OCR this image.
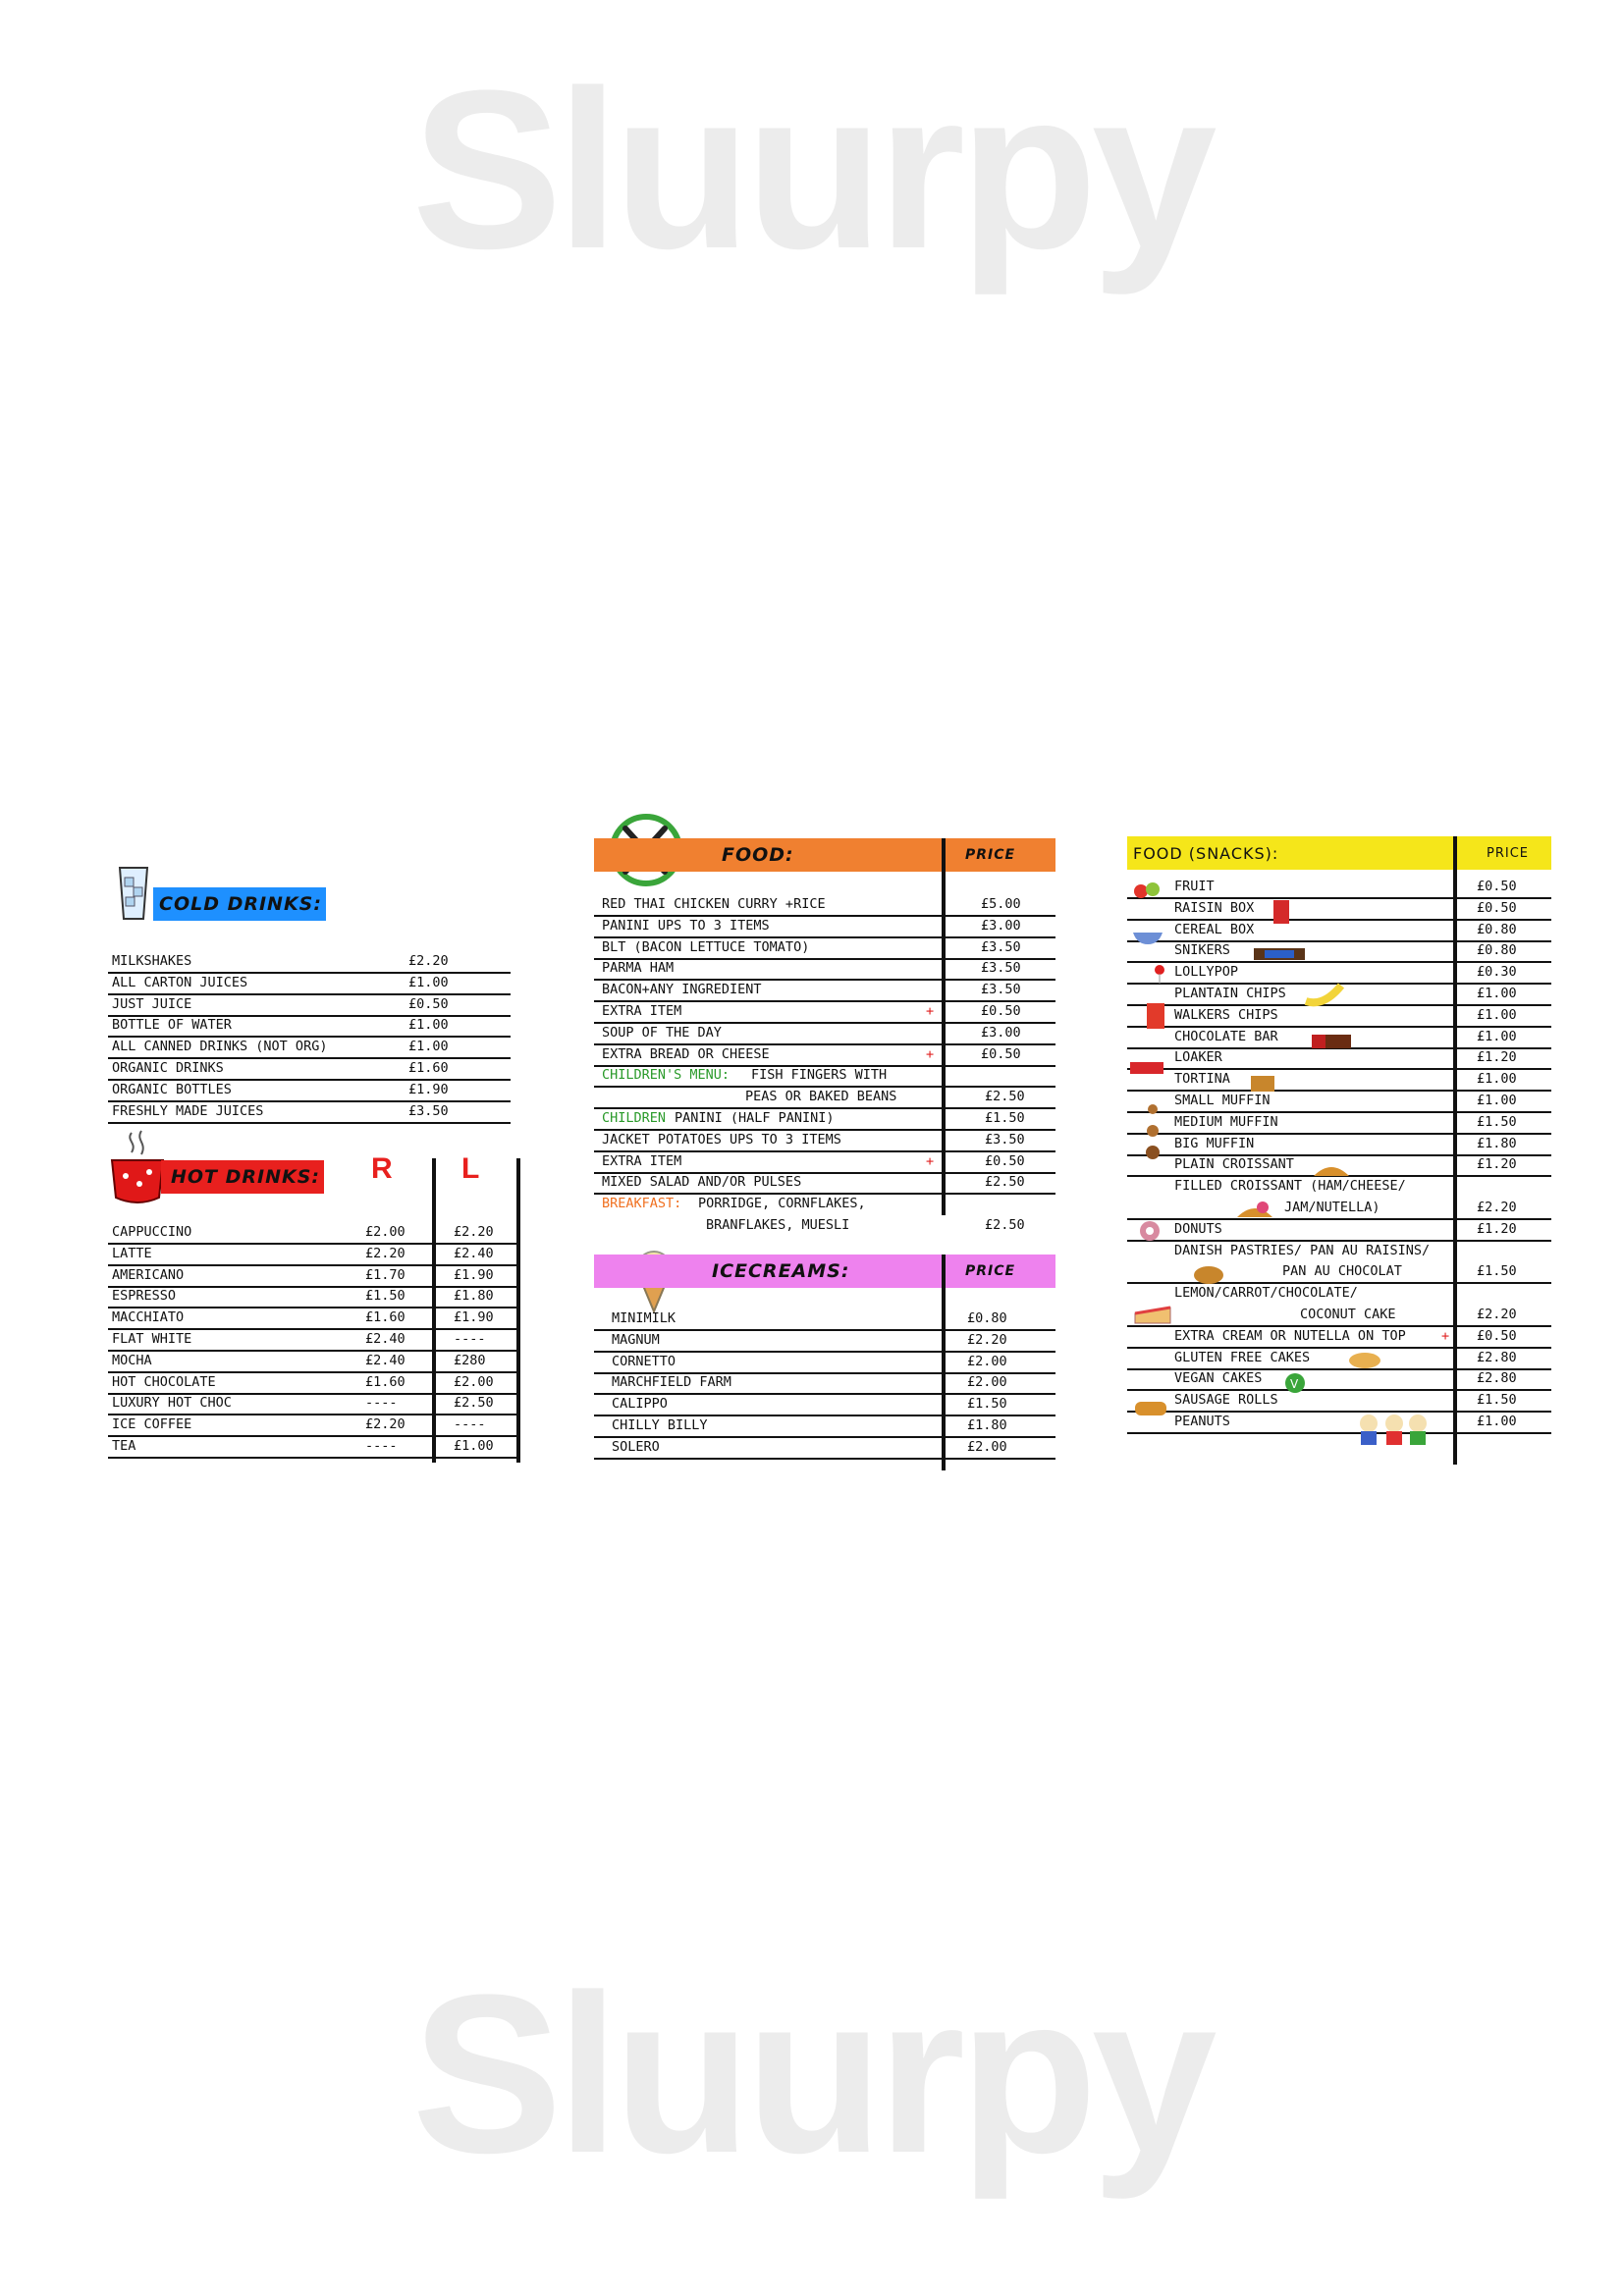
Sluurpy
Sluurpy
COLD DRINKS:
MILKSHAKES	£2.20
ALL CARTON JUICES	£1.00
JUST JUICE	£0.50
BOTTLE OF WATER	£1.00
ALL CANNED DRINKS (NOT ORG)	£1.00
ORGANIC DRINKS	£1.60
ORGANIC BOTTLES	£1.90
FRESHLY MADE JUICES	£3.50
HOT DRINKS: R L
CAPPUCCINO	£2.00	£2.20
LATTE	£2.20	£2.40
AMERICANO	£1.70	£1.90
ESPRESSO	£1.50	£1.80
MACCHIATO	£1.60	£1.90
FLAT WHITE	£2.40	----
MOCHA	£2.40	£280
HOT CHOCOLATE	£1.60	£2.00
LUXURY HOT CHOC	----	£2.50
ICE COFFEE	£2.20	----
TEA	----	£1.00
FOOD:	PRICE
RED THAI CHICKEN CURRY +RICE	£5.00
PANINI UPS TO 3 ITEMS	£3.00
BLT (BACON LETTUCE TOMATO)	£3.50
PARMA HAM	£3.50
BACON+ANY INGREDIENT	£3.50
EXTRA ITEM	£0.50
+
SOUP OF THE DAY	£3.00
EXTRA BREAD OR CHEESE	£0.50
+
CHILDREN'S MENU: FISH FINGERS WITH
PEAS OR BAKED BEANS	£2.50
CHILDREN PANINI (HALF PANINI)	£1.50
JACKET POTATOES UPS TO 3 ITEMS	£3.50
EXTRA ITEM	£0.50
+
MIXED SALAD AND/OR PULSES	£2.50
BREAKFAST: PORRIDGE, CORNFLAKES,
BRANFLAKES, MUESLI	£2.50
ICECREAMS:	PRICE
MINIMILK	£0.80
MAGNUM	£2.20
CORNETTO	£2.00
MARCHFIELD FARM	£2.00
CALIPPO	£1.50
CHILLY BILLY	£1.80
SOLERO	£2.00
FOOD (SNACKS):	PRICE
FRUIT	£0.50
RAISIN BOX	£0.50
CEREAL BOX	£0.80
SNIKERS	£0.80
LOLLYPOP	£0.30
PLANTAIN CHIPS	£1.00
WALKERS CHIPS	£1.00
CHOCOLATE BAR	£1.00
LOAKER	£1.20
TORTINA	£1.00
SMALL MUFFIN	£1.00
MEDIUM MUFFIN	£1.50
BIG MUFFIN	£1.80
PLAIN CROISSANT	£1.20
FILLED CROISSANT (HAM/CHEESE/
JAM/NUTELLA)	£2.20
DONUTS	£1.20
DANISH PASTRIES/ PAN AU RAISINS/
PAN AU CHOCOLAT	£1.50
LEMON/CARROT/CHOCOLATE/
COCONUT CAKE	£2.20
EXTRA CREAM OR NUTELLA ON TOP	£0.50
+
GLUTEN FREE CAKES	£2.80
VEGAN CAKES	£2.80
SAUSAGE ROLLS	£1.50
PEANUTS	£1.00
V
